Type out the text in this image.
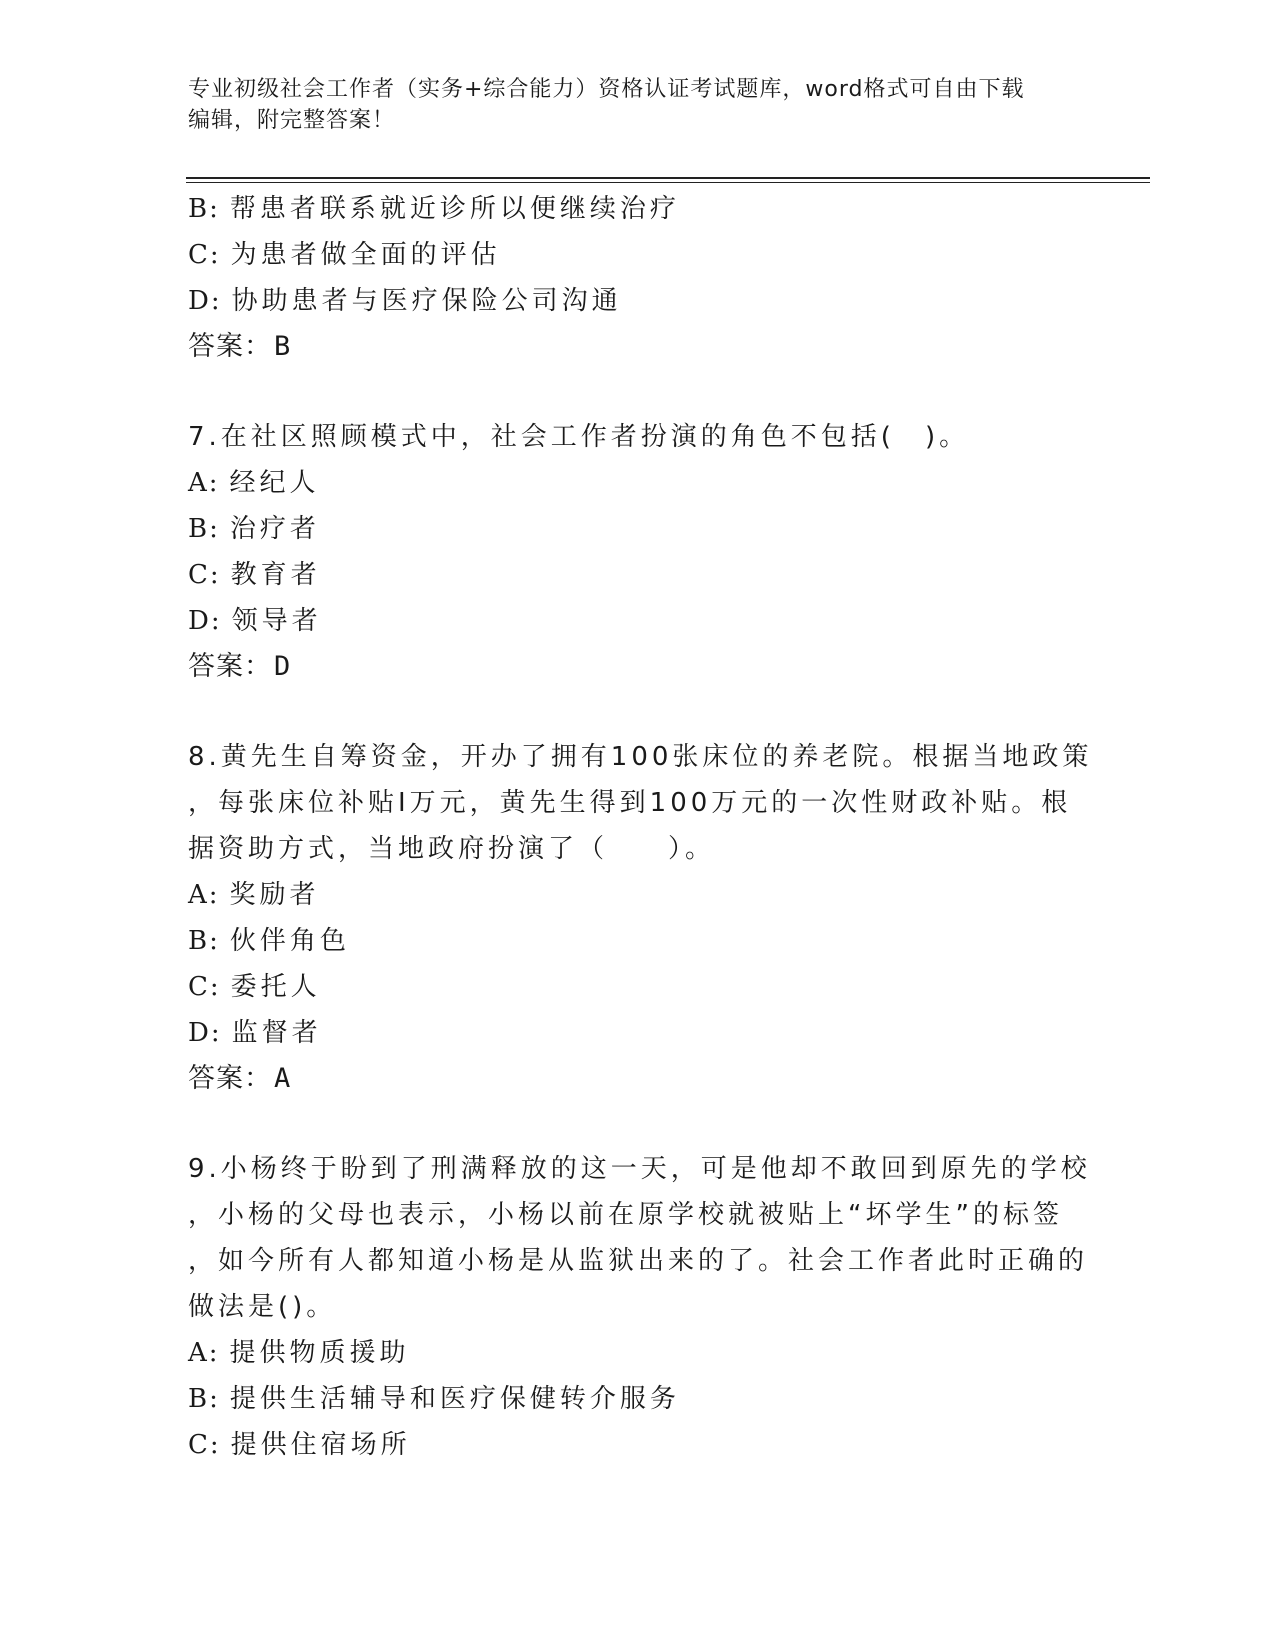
专业初级社会工作者（实务+综合能力）资格认证考试题库，word格式可自由下载
编辑，附完整答案！
B: 帮患者联系就近诊所以便继续治疗
C: 为患者做全面的评估
D: 协助患者与医疗保险公司沟通
答案：B
7.在社区照顾模式中，社会工作者扮演的角色不包括(　)。
A: 经纪人
B: 治疗者
C: 教育者
D: 领导者
答案：D
8.黄先生自筹资金，开办了拥有100张床位的养老院。根据当地政策
，每张床位补贴I万元，黄先生得到100万元的一次性财政补贴。根
据资助方式，当地政府扮演了（　　）。
A: 奖励者
B: 伙伴角色
C: 委托人
D: 监督者
答案：A
9.小杨终于盼到了刑满释放的这一天，可是他却不敢回到原先的学校
，小杨的父母也表示，小杨以前在原学校就被贴上“坏学生”的标签
，如今所有人都知道小杨是从监狱出来的了。社会工作者此时正确的
做法是()。
A: 提供物质援助
B: 提供生活辅导和医疗保健转介服务
C: 提供住宿场所
